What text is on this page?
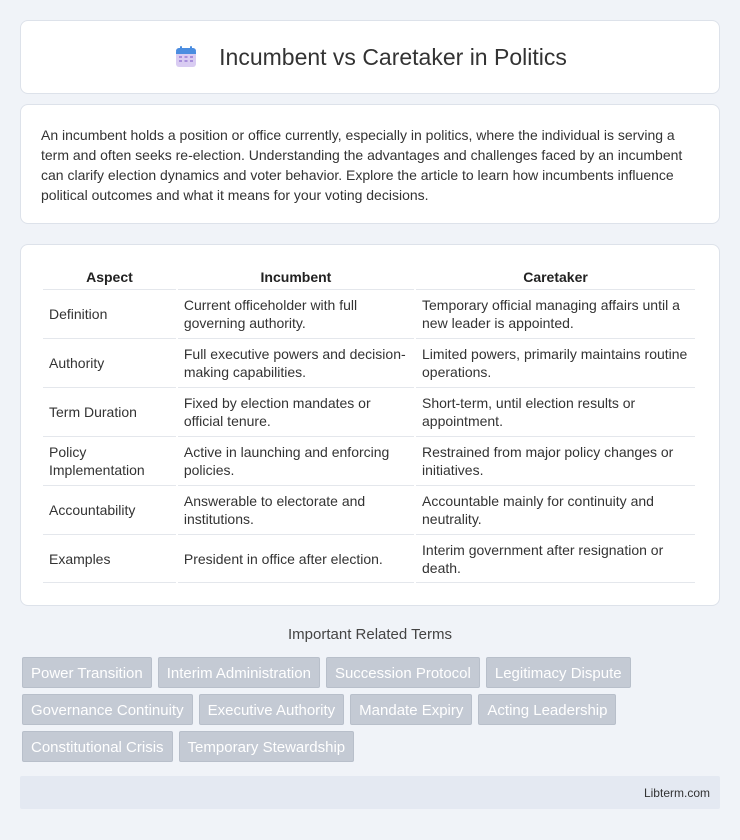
Incumbent vs Caretaker in Politics

An incumbent holds a position or office currently, especially in politics, where the individual is serving a term and often seeks re-election. Understanding the advantages and challenges faced by an incumbent can clarify election dynamics and voter behavior. Explore the article to learn how incumbents influence political outcomes and what it means for your voting decisions.

Aspect	Incumbent	Caretaker
Definition	Current officeholder with full governing authority.	Temporary official managing affairs until a new leader is appointed.
Authority	Full executive powers and decision-making capabilities.	Limited powers, primarily maintains routine operations.
Term Duration	Fixed by election mandates or official tenure.	Short-term, until election results or appointment.
Policy Implementation	Active in launching and enforcing policies.	Restrained from major policy changes or initiatives.
Accountability	Answerable to electorate and institutions.	Accountable mainly for continuity and neutrality.
Examples	President in office after election.	Interim government after resignation or death.
Important Related Terms
Power Transition	Interim Administration	Succession Protocol	Legitimacy Dispute
Governance Continuity	Executive Authority	Mandate Expiry	Acting Leadership
Constitutional Crisis	Temporary Stewardship
Libterm.com
